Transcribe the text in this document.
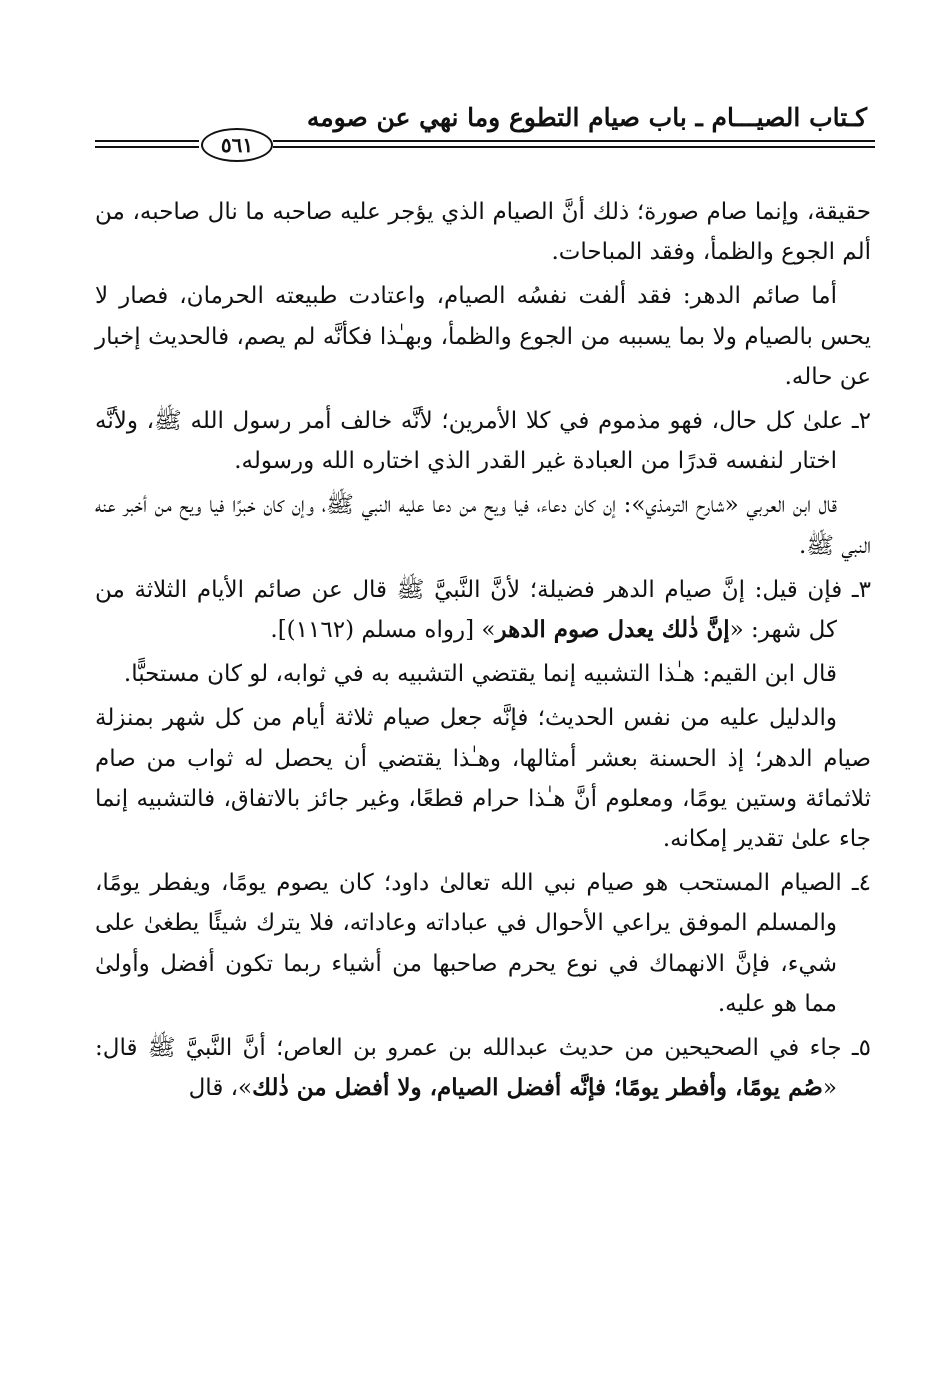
كـتاب الصيـــام ـ باب صيام التطوع وما نهي عن صومه
٥٦١

حقيقة، وإنما صام صورة؛ ذلك أنَّ الصيام الذي يؤجر عليه صاحبه ما نال صاحبه، من ألم الجوع والظمأ، وفقد المباحات.

أما صائم الدهر: فقد ألفت نفسُه الصيام، واعتادت طبيعته الحرمان، فصار لا يحس بالصيام ولا بما يسببه من الجوع والظمأ، وبهـٰذا فكأنَّه لم يصم، فالحديث إخبار عن حاله.

٢ـ علىٰ كل حال، فهو مذموم في كلا الأمرين؛ لأنَّه خالف أمر رسول الله ﷺ، ولأنَّه اختار لنفسه قدرًا من العبادة غير القدر الذي اختاره الله ورسوله.

قال ابن العربي «شارح الترمذي»: إن كان دعاء، فيا ويح من دعا عليه النبي ﷺ، وإن كان خبرًا فيا ويح من أخبر عنه النبي ﷺ.

٣ـ فإن قيل: إنَّ صيام الدهر فضيلة؛ لأنَّ النَّبيَّ ﷺ قال عن صائم الأيام الثلاثة من كل شهر: «إنَّ ذٰلك يعدل صوم الدهر» [رواه مسلم (١١٦٢)].

قال ابن القيم: هـٰذا التشبيه إنما يقتضي التشبيه به في ثوابه، لو كان مستحبًّا.

والدليل عليه من نفس الحديث؛ فإنَّه جعل صيام ثلاثة أيام من كل شهر بمنزلة صيام الدهر؛ إذ الحسنة بعشر أمثالها، وهـٰذا يقتضي أن يحصل له ثواب من صام ثلاثمائة وستين يومًا، ومعلوم أنَّ هـٰذا حرام قطعًا، وغير جائز بالاتفاق، فالتشبيه إنما جاء علىٰ تقدير إمكانه.

٤ـ الصيام المستحب هو صيام نبي الله تعالىٰ داود؛ كان يصوم يومًا، ويفطر يومًا، والمسلم الموفق يراعي الأحوال في عباداته وعاداته، فلا يترك شيئًا يطغىٰ على شيء، فإنَّ الانهماك في نوع يحرم صاحبها من أشياء ربما تكون أفضل وأولىٰ مما هو عليه.

٥ـ جاء في الصحيحين من حديث عبدالله بن عمرو بن العاص؛ أنَّ النَّبيَّ ﷺ قال: «صُم يومًا، وأفطر يومًا؛ فإنَّه أفضل الصيام، ولا أفضل من ذٰلك»، قال
